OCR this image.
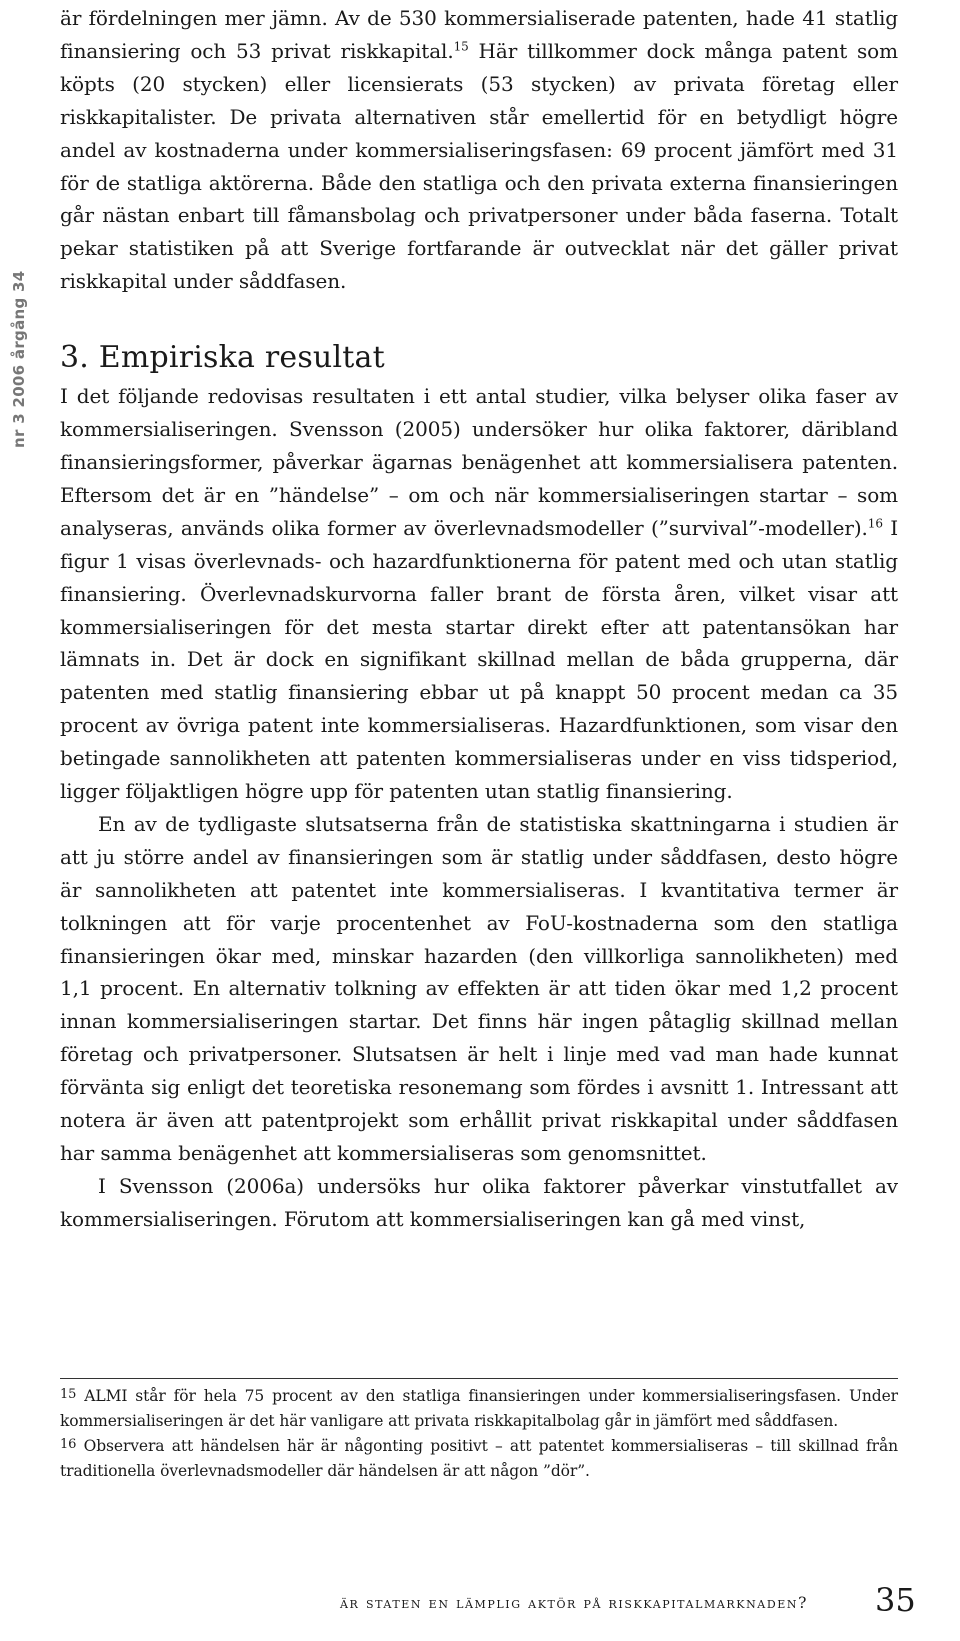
nr 3 2006 årgång 34

är fördelningen mer jämn. Av de 530 kommersialiserade patenten, hade 41 statlig finansiering och 53 privat riskkapital.$^{15}$ Här tillkommer dock många patent som köpts (20 stycken) eller licensierats (53 stycken) av privata företag eller riskkapitalister. De privata alternativen står emellertid för en betydligt högre andel av kostnaderna under kommersialiseringsfasen: 69 procent jämfört med 31 för de statliga aktörerna. Både den statliga och den privata externa finansieringen går nästan enbart till fåmansbolag och privatpersoner under båda faserna. Totalt pekar statistiken på att Sverige fortfarande är outvecklat när det gäller privat riskkapital under såddfasen.

3. Empiriska resultat

I det följande redovisas resultaten i ett antal studier, vilka belyser olika faser av kommersialiseringen. Svensson (2005) undersöker hur olika faktorer, däribland finansieringsformer, påverkar ägarnas benägenhet att kommersialisera patenten. Eftersom det är en ”händelse” – om och när kommersialiseringen startar – som analyseras, används olika former av överlevnadsmodeller (”survival”-modeller).$^{16}$ I figur 1 visas överlevnads- och hazardfunktionerna för patent med och utan statlig finansiering. Överlevnadskurvorna faller brant de första åren, vilket visar att kommersialiseringen för det mesta startar direkt efter att patentansökan har lämnats in. Det är dock en signifikant skillnad mellan de båda grupperna, där patenten med statlig finansiering ebbar ut på knappt 50 procent medan ca 35 procent av övriga patent inte kommersialiseras. Hazardfunktionen, som visar den betingade sannolikheten att patenten kommersialiseras under en viss tidsperiod, ligger följaktligen högre upp för patenten utan statlig finansiering.

En av de tydligaste slutsatserna från de statistiska skattningarna i studien är att ju större andel av finansieringen som är statlig under såddfasen, desto högre är sannolikheten att patentet inte kommersialiseras. I kvantitativa termer är tolkningen att för varje procentenhet av FoU-kostnaderna som den statliga finansieringen ökar med, minskar hazarden (den villkorliga sannolikheten) med 1,1 procent. En alternativ tolkning av effekten är att tiden ökar med 1,2 procent innan kommersialiseringen startar. Det finns här ingen påtaglig skillnad mellan företag och privatpersoner. Slutsatsen är helt i linje med vad man hade kunnat förvänta sig enligt det teoretiska resonemang som fördes i avsnitt 1. Intressant att notera är även att patentprojekt som erhållit privat riskkapital under såddfasen har samma benägenhet att kommersialiseras som genomsnittet.

I Svensson (2006a) undersöks hur olika faktorer påverkar vinstutfallet av kommersialiseringen. Förutom att kommersialiseringen kan gå med vinst,

$^{15}$ ALMI står för hela 75 procent av den statliga finansieringen under kommersialiseringsfasen. Under kommersialiseringen är det här vanligare att privata riskkapitalbolag går in jämfört med såddfasen.

$^{16}$ Observera att händelsen här är någonting positivt – att patentet kommersialiseras – till skillnad från traditionella överlevnadsmodeller där händelsen är att någon ”dör”.

är staten en lämplig aktör på riskkapitalmarknaden? 35
